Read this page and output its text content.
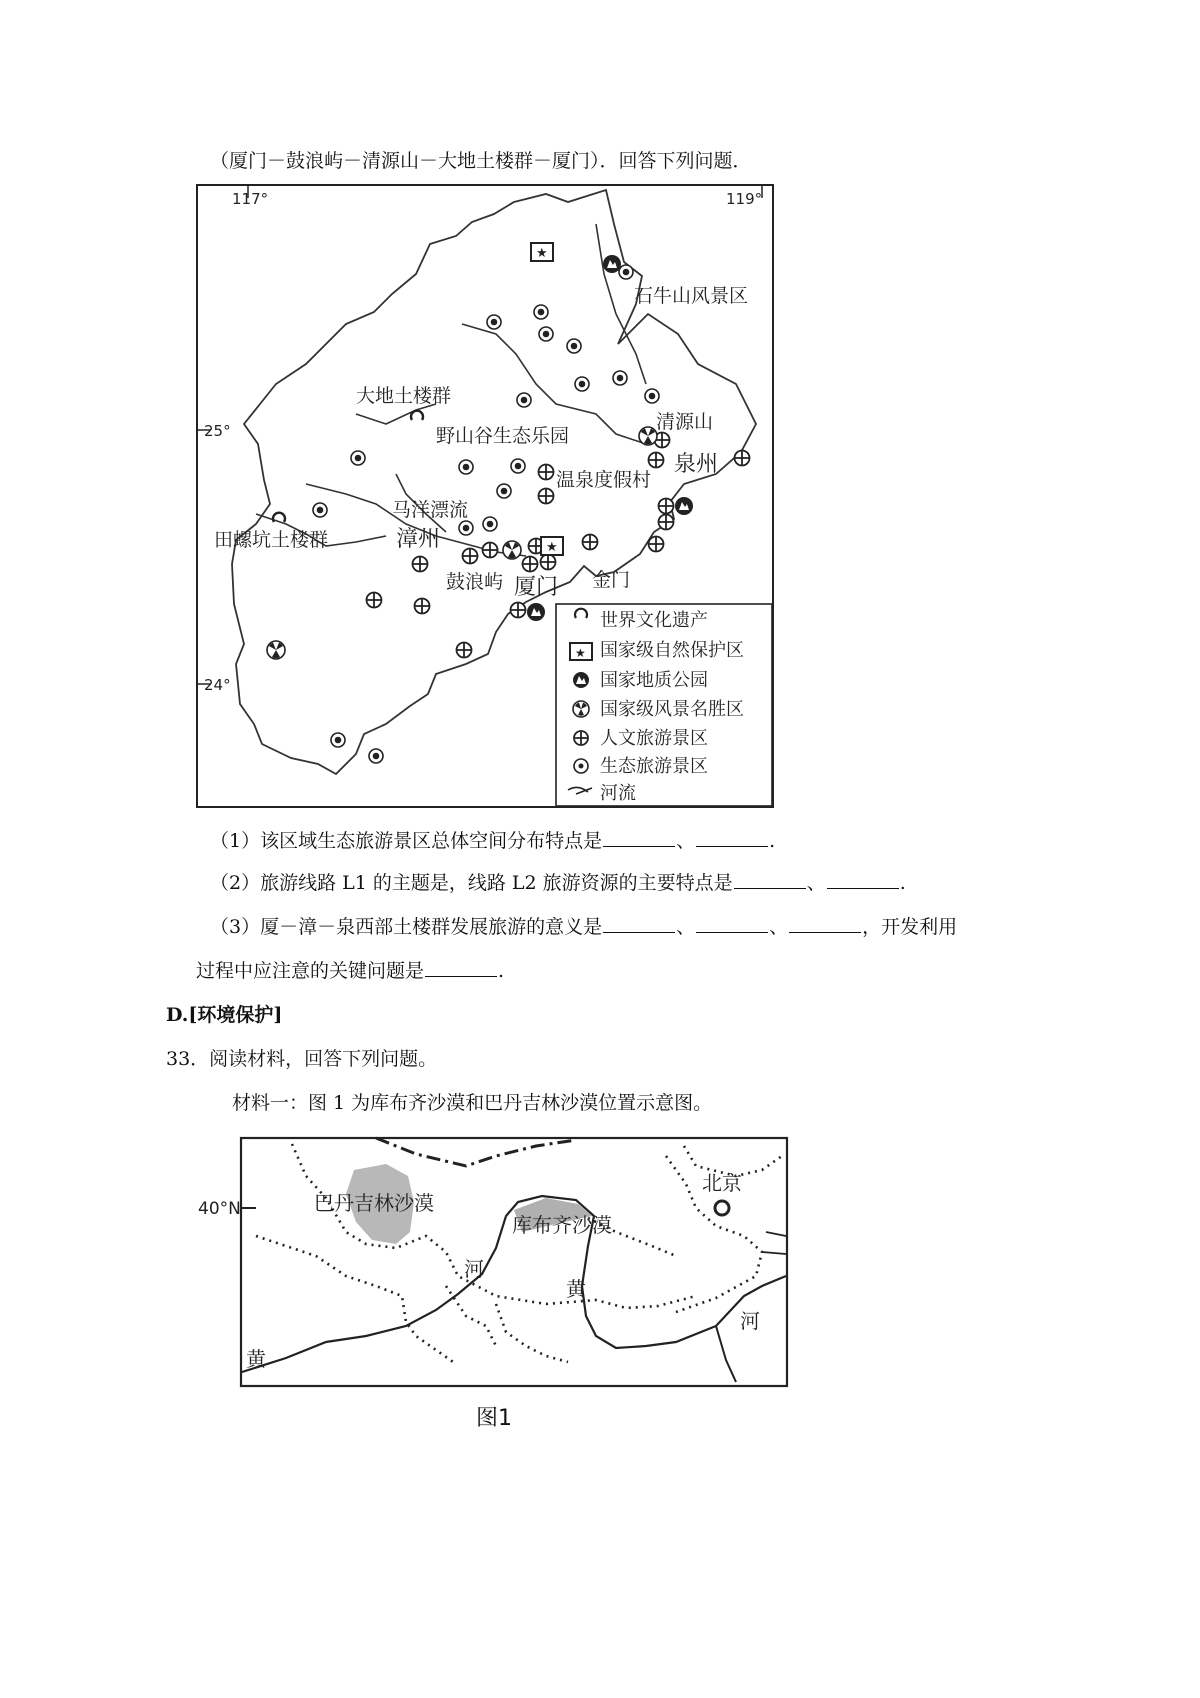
（厦门－鼓浪屿－清源山－大地土楼群－厦门）．回答下列问题．
117°	119°
25°
24°
石牛山风景区
清源山
泉州
大地土楼群
野山谷生态乐园
温泉度假村
马洋漂流
田螺坑土楼群	漳州
鼓浪屿 厦门 金门
★
★
世界文化遗产
★ 国家级自然保护区
国家地质公园
国家级风景名胜区
人文旅游景区
生态旅游景区
河流
（1）该区域生态旅游景区总体空间分布特点是	、	.
（2）旅游线路 L1 的主题是，线路 L2 旅游资源的主要特点是	、	.
（3）厦－漳－泉西部土楼群发展旅游的意义是	、	、	，开发利用
过程中应注意的关键问题是	.
D.[环境保护]
33．阅读材料，回答下列问题。
材料一：图 1 为库布齐沙漠和巴丹吉林沙漠位置示意图。
40°N	巴丹吉林沙漠
库布齐沙漠
北京
河
黄
河
黄
图1
